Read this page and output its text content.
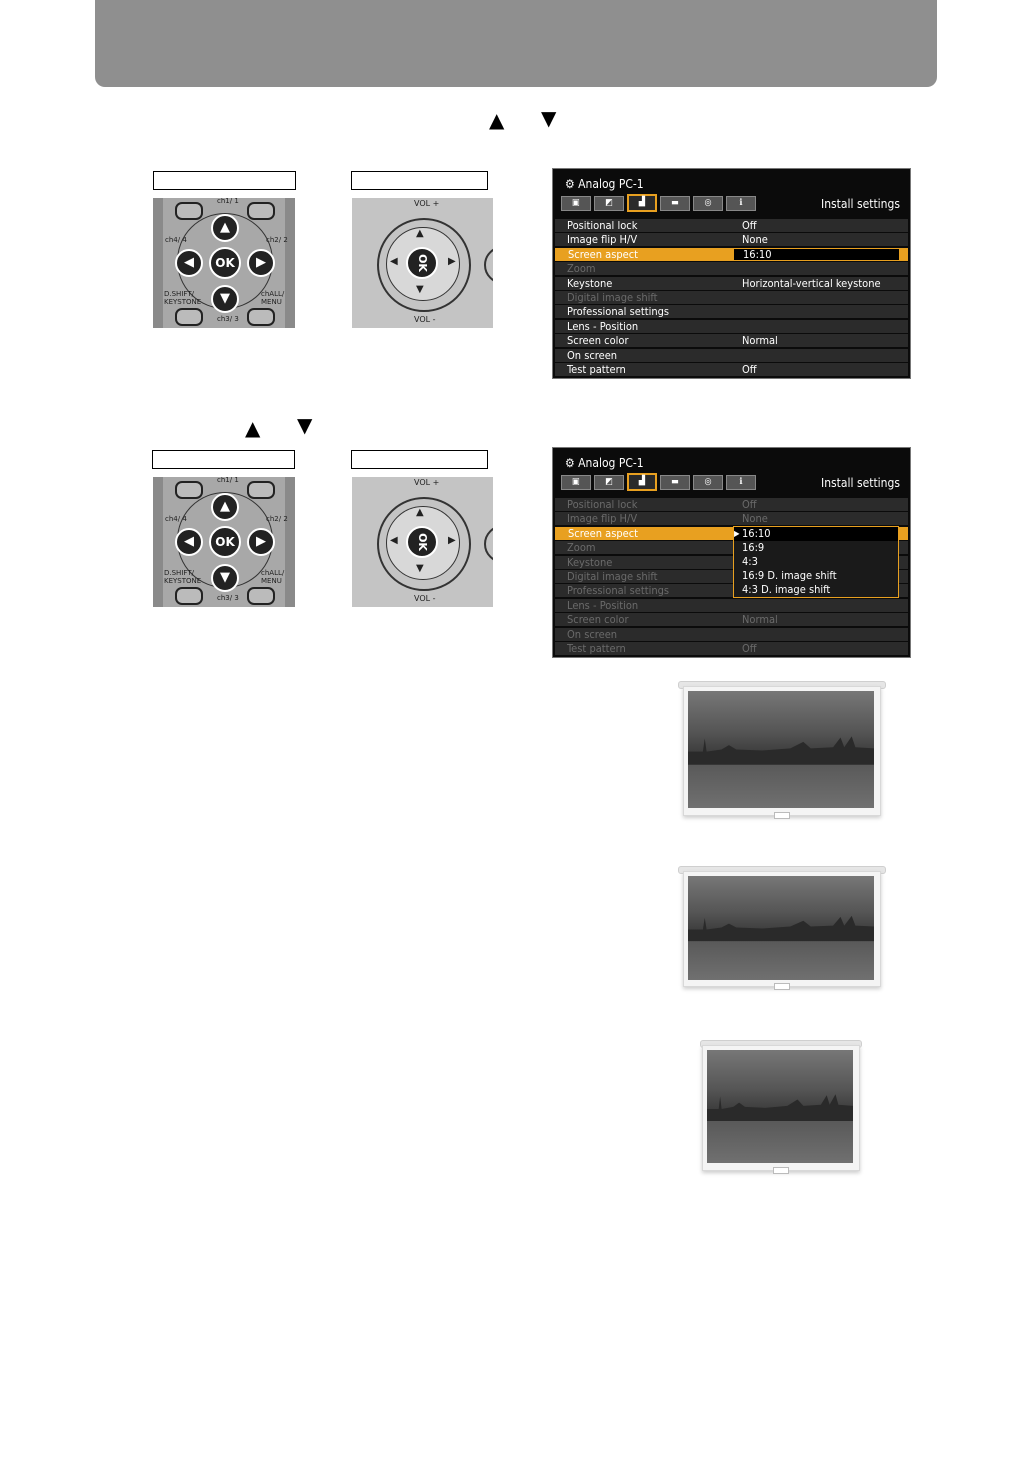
▲ ▼
▲
◀	▶
▼
OK
ch1/ 1
ch2/ 2
ch4/ 4
ch3/ 3
D.SHIFT/
KEYSTONE
chALL/
MENU
OK
▲
▼
◀	▶
VOL +
VOL -
⚙ Analog PC-1
▣	◩	▟	▬	◎	ℹ	Install settings
Positional lock	Off
Image flip H/V	None
Screen aspect	16:10
Zoom
Keystone	Horizontal-vertical keystone
Digital image shift
Professional settings
Lens - Position
Screen color	Normal
On screen
Test pattern	Off
▲ ▼
▲
◀	▶
▼
OK
ch1/ 1
ch2/ 2
ch4/ 4
ch3/ 3
D.SHIFT/
KEYSTONE
chALL/
MENU
OK
▲
▼
◀	▶
VOL +
VOL -
⚙ Analog PC-1
▣	◩	▟	▬	◎	ℹ	Install settings
Positional lock	Off
Image flip H/V	None
Screen aspect
Zoom
Keystone
Digital image shift
Professional settings
Lens - Position
Screen color	Normal
On screen
Test pattern	Off
▶ 16:10
16:9
4:3
16:9 D. image shift
4:3 D. image shift
